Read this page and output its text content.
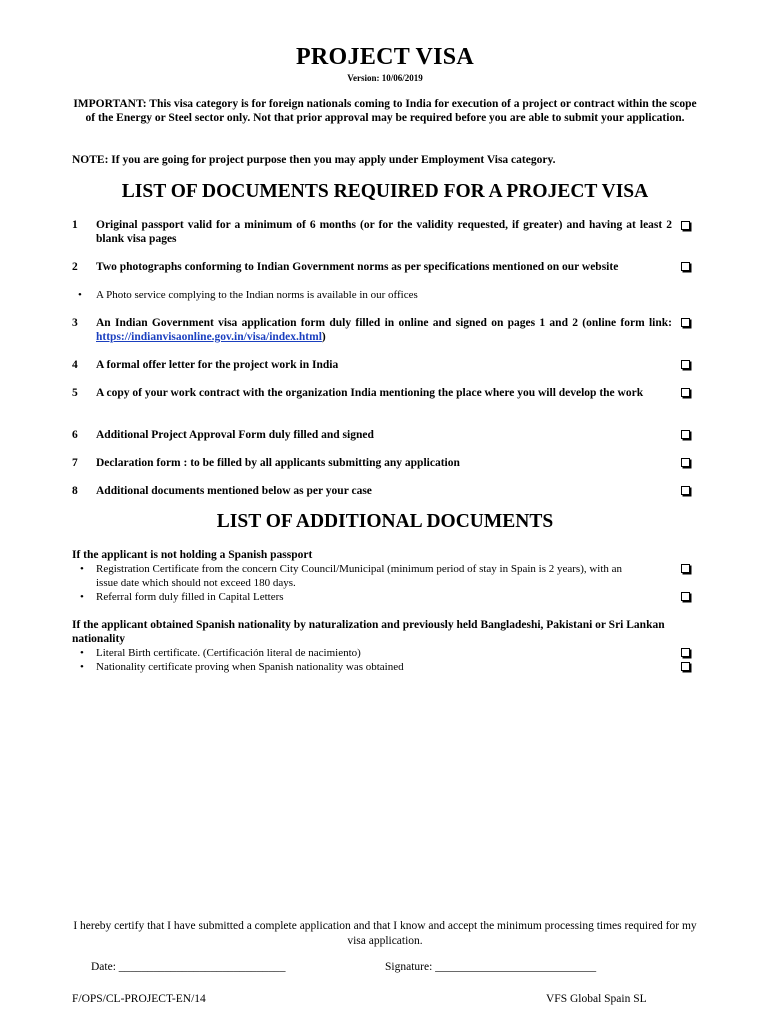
PROJECT VISA
Version: 10/06/2019
IMPORTANT: This visa category is for foreign nationals coming to India for execution of a project or contract within the scope of the Energy or Steel sector only. Not that prior approval may be required before you are able to submit your application.
NOTE: If you are going for project purpose then you may apply under Employment Visa category.
LIST OF DOCUMENTS REQUIRED FOR A PROJECT VISA
1 Original passport valid for a minimum of 6 months (or for the validity requested, if greater) and having at least 2 blank visa pages
2 Two photographs conforming to Indian Government norms as per specifications mentioned on our website
• A Photo service complying to the Indian norms is available in our offices
3 An Indian Government visa application form duly filled in online and signed on pages 1 and 2 (online form link: https://indianvisaonline.gov.in/visa/index.html)
4 A formal offer letter for the project work in India
5 A copy of your work contract with the organization India mentioning the place where you will develop the work
6 Additional Project Approval Form duly filled and signed
7 Declaration form : to be filled by all applicants submitting any application
8 Additional documents mentioned below as per your case
LIST OF ADDITIONAL DOCUMENTS
If the applicant is not holding a Spanish passport
• Registration Certificate from the concern City Council/Municipal (minimum period of stay in Spain is 2 years), with an issue date which should not exceed 180 days.
• Referral form duly filled in Capital Letters
If the applicant obtained Spanish nationality by naturalization and previously held Bangladeshi, Pakistani or Sri Lankan nationality
• Literal Birth certificate. (Certificación literal de nacimiento)
• Nationality certificate proving when Spanish nationality was obtained
I hereby certify that I have submitted a complete application and that I know and accept the minimum processing times required for my visa application.
Date: _____________________________	Signature: ____________________________
F/OPS/CL-PROJECT-EN/14	VFS Global Spain SL
